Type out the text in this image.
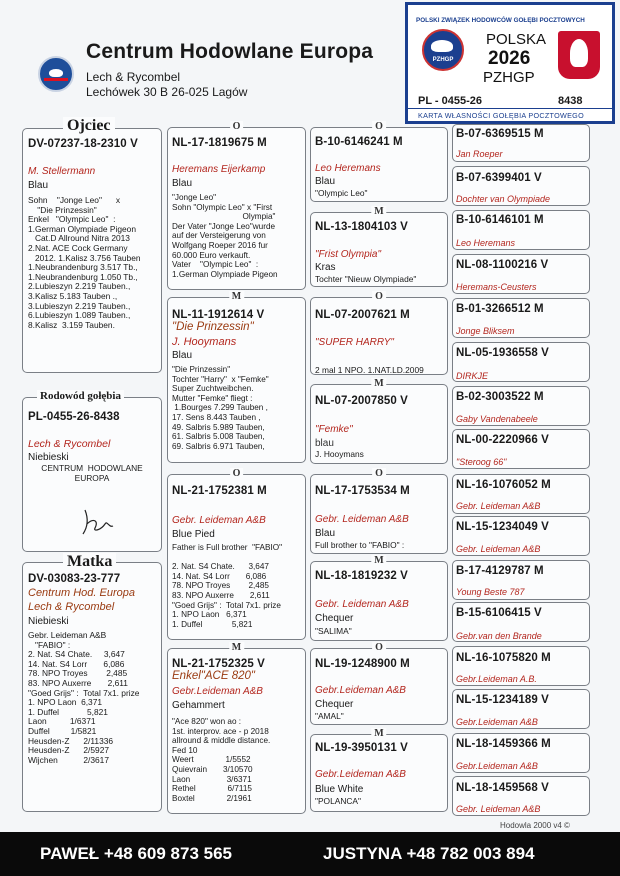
Centrum Hodowlane Europa
Lech & Rycombel
Lechówek 30 B 26-025 Lagów
POLSKI ZWIĄZEK HODOWCÓW GOŁĘBI POCZTOWYCH
PZHGP
POLSKA
2026
PZHGP
PL - 0455-26	8438
KARTA WŁASNOŚCI GOŁĘBIA POCZTOWEGO
Ojciec
DV-07237-18-2310 V
M. Stellermann
Blau
Sohn    "Jonge Leo"      x
"Die Prinzessin"
Enkel   "Olympic Leo"  :
1.German Olympiade Pigeon
Cat.D Allround Nitra 2013
2.Nat. ACE Cock Germany
2012. 1.Kalisz 3.756 Tauben
1.Neubrandenburg 3.517 Tb.,
1.Neubrandenburg 1.050 Tb.,
2.Lubieszyn 2.219 Tauben.,
3.Kalisz 5.183 Tauben .,
3.Lubieszyn 2.219 Tauben.,
6.Lubieszyn 1.089 Tauben.,
8.Kalisz  3.159 Tauben.
Rodowód gołębia
PL-0455-26-8438
Lech & Rycombel
Niebieski
CENTRUM  HODOWLANE
EUROPA
Matka
DV-03083-23-777
Centrum Hod. Europa
Lech & Rycombel
Niebieski
Gebr. Leideman A&B
"FABIO" :
2. Nat. S4 Chate.     3,647
14. Nat. S4 Lorr       6,086
78. NPO Troyes        2,485
83. NPO Auxerre       2,611
"Goed Grijs" :  Total 7x1. prize
1. NPO Laon  6,371
1. Duffel            5,821
Laon          1/6371
Duffel         1/5821
Heusden-Z      2/11336
Heusden-Z      2/5927
Wijchen           2/3617
O
NL-17-1819675 M
Heremans Eijerkamp
Blau
"Jonge Leo"
Sohn "Olympic Leo" x "First
Olympia"
Der Vater "Jonge Leo"wurde
auf der Versteigerung von
Wolfgang Roeper 2016 fur
60.000 Euro verkauft.
Vater    "Olympic Leo"  :
1.German Olympiade Pigeon
M
NL-11-1912614 V
"Die Prinzessin"
J. Hooymans
Blau
"Die Prinzessin"
Tochter "Harry"  x "Femke"
Super Zuchtweibchen.
Mutter "Femke" fliegt :
1.Bourges 7.299 Tauben ,
17. Sens 8.443 Tauben ,
49. Salbris 5.989 Tauben,
61. Salbris 5.008 Tauben,
69. Salbris 6.971 Tauben,
O
NL-21-1752381 M
Gebr. Leideman A&B
Blue Pied
Father is Full brother  "FABIO"

2. Nat. S4 Chate.      3,647
14. Nat. S4 Lorr       6,086
78. NPO Troyes        2,485
83. NPO Auxerre       2,611
"Goed Grijs" :  Total 7x1. prize
1. NPO Laon   6,371
1. Duffel             5,821
M
NL-21-1752325 V
Enkel"ACE 820"
Gebr.Leideman A&B
Gehammert
"Ace 820" won ao :
1st. interprov. ace - p 2018
allround & middle distance.
Fed 10
Weert              1/5552
Quievrain       3/10570
Laon                3/6371
Rethel              6/7115
Boxtel              2/1961
O
B-10-6146241 M
Leo Heremans
Blau
"Olympic Leo"
M
NL-13-1804103 V
"Frist Olympia"
Kras
Tochter "Nieuw Olympiade"
O
NL-07-2007621 M
"SUPER HARRY"
2 mal 1 NPO. 1.NAT.LD.2009
M
NL-07-2007850 V
"Femke"
blau
J. Hooymans
O
NL-17-1753534 M
Gebr. Leideman A&B
Blau
Full brother to "FABIO" :
M
NL-18-1819232 V
Gebr. Leideman A&B
Chequer
"SALIMA"
O
NL-19-1248900 M
Gebr.Leideman A&B
Chequer
"AMAL"
M
NL-19-3950131 V
Gebr.Leideman A&B
Blue White
"POLANCA"
B-07-6369515 M
Jan Roeper
B-07-6399401 V
Dochter van Olympiade
B-10-6146101 M
Leo Heremans
NL-08-1100216 V
Heremans-Ceusters
B-01-3266512 M
Jonge Bliksem
NL-05-1936558 V
DIRKJE
B-02-3003522 M
Gaby Vandenabeele
NL-00-2220966 V
"Steroog 66"
NL-16-1076052 M
Gebr. Leideman A&B
NL-15-1234049 V
Gebr. Leideman A&B
B-17-4129787 M
Young Beste 787
B-15-6106415 V
Gebr.van den Brande
NL-16-1075820 M
Gebr.Leideman A.B.
NL-15-1234189 V
Gebr.Leideman A&B
NL-18-1459366 M
Gebr.Leideman A&B
NL-18-1459568 V
Gebr. Leideman A&B
Hodowla 2000 v4 ©
PAWEŁ +48 609 873 565	JUSTYNA +48 782 003 894
